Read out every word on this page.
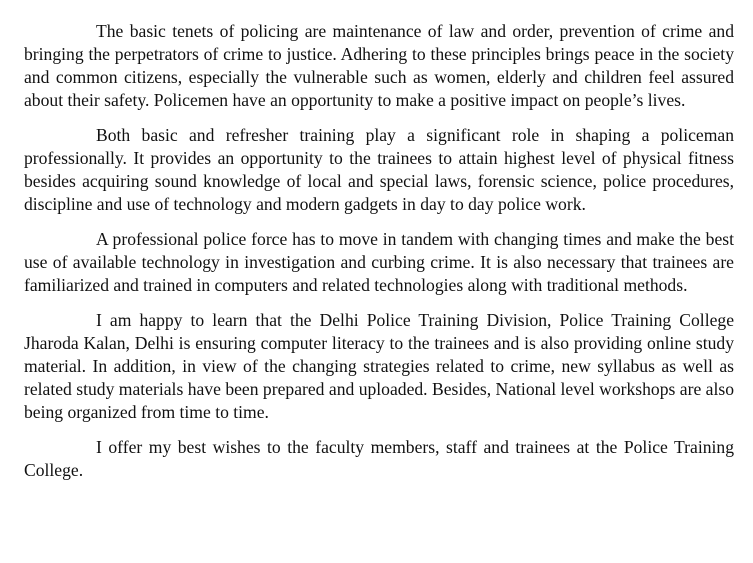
The basic tenets of policing are maintenance of law and order, prevention of crime and bringing the perpetrators of crime to justice. Adhering to these principles brings peace in the society and common citizens, especially the vulnerable such as women, elderly and children feel assured about their safety. Policemen have an opportunity to make a positive impact on people’s lives.

Both basic and refresher training play a significant role in shaping a policeman professionally. It provides an opportunity to the trainees to attain highest level of physical fitness besides acquiring sound knowledge of local and special laws, forensic science, police procedures, discipline and use of technology and modern gadgets in day to day police work.

A professional police force has to move in tandem with changing times and make the best use of available technology in investigation and curbing crime. It is also necessary that trainees are familiarized and trained in computers and related technologies along with traditional methods.

I am happy to learn that the Delhi Police Training Division, Police Training College Jharoda Kalan, Delhi is ensuring computer literacy to the trainees and is also providing online study material. In addition, in view of the changing strategies related to crime, new syllabus as well as related study materials have been prepared and uploaded. Besides, National level workshops are also being organized from time to time.

I offer my best wishes to the faculty members, staff and trainees at the Police Training College.
